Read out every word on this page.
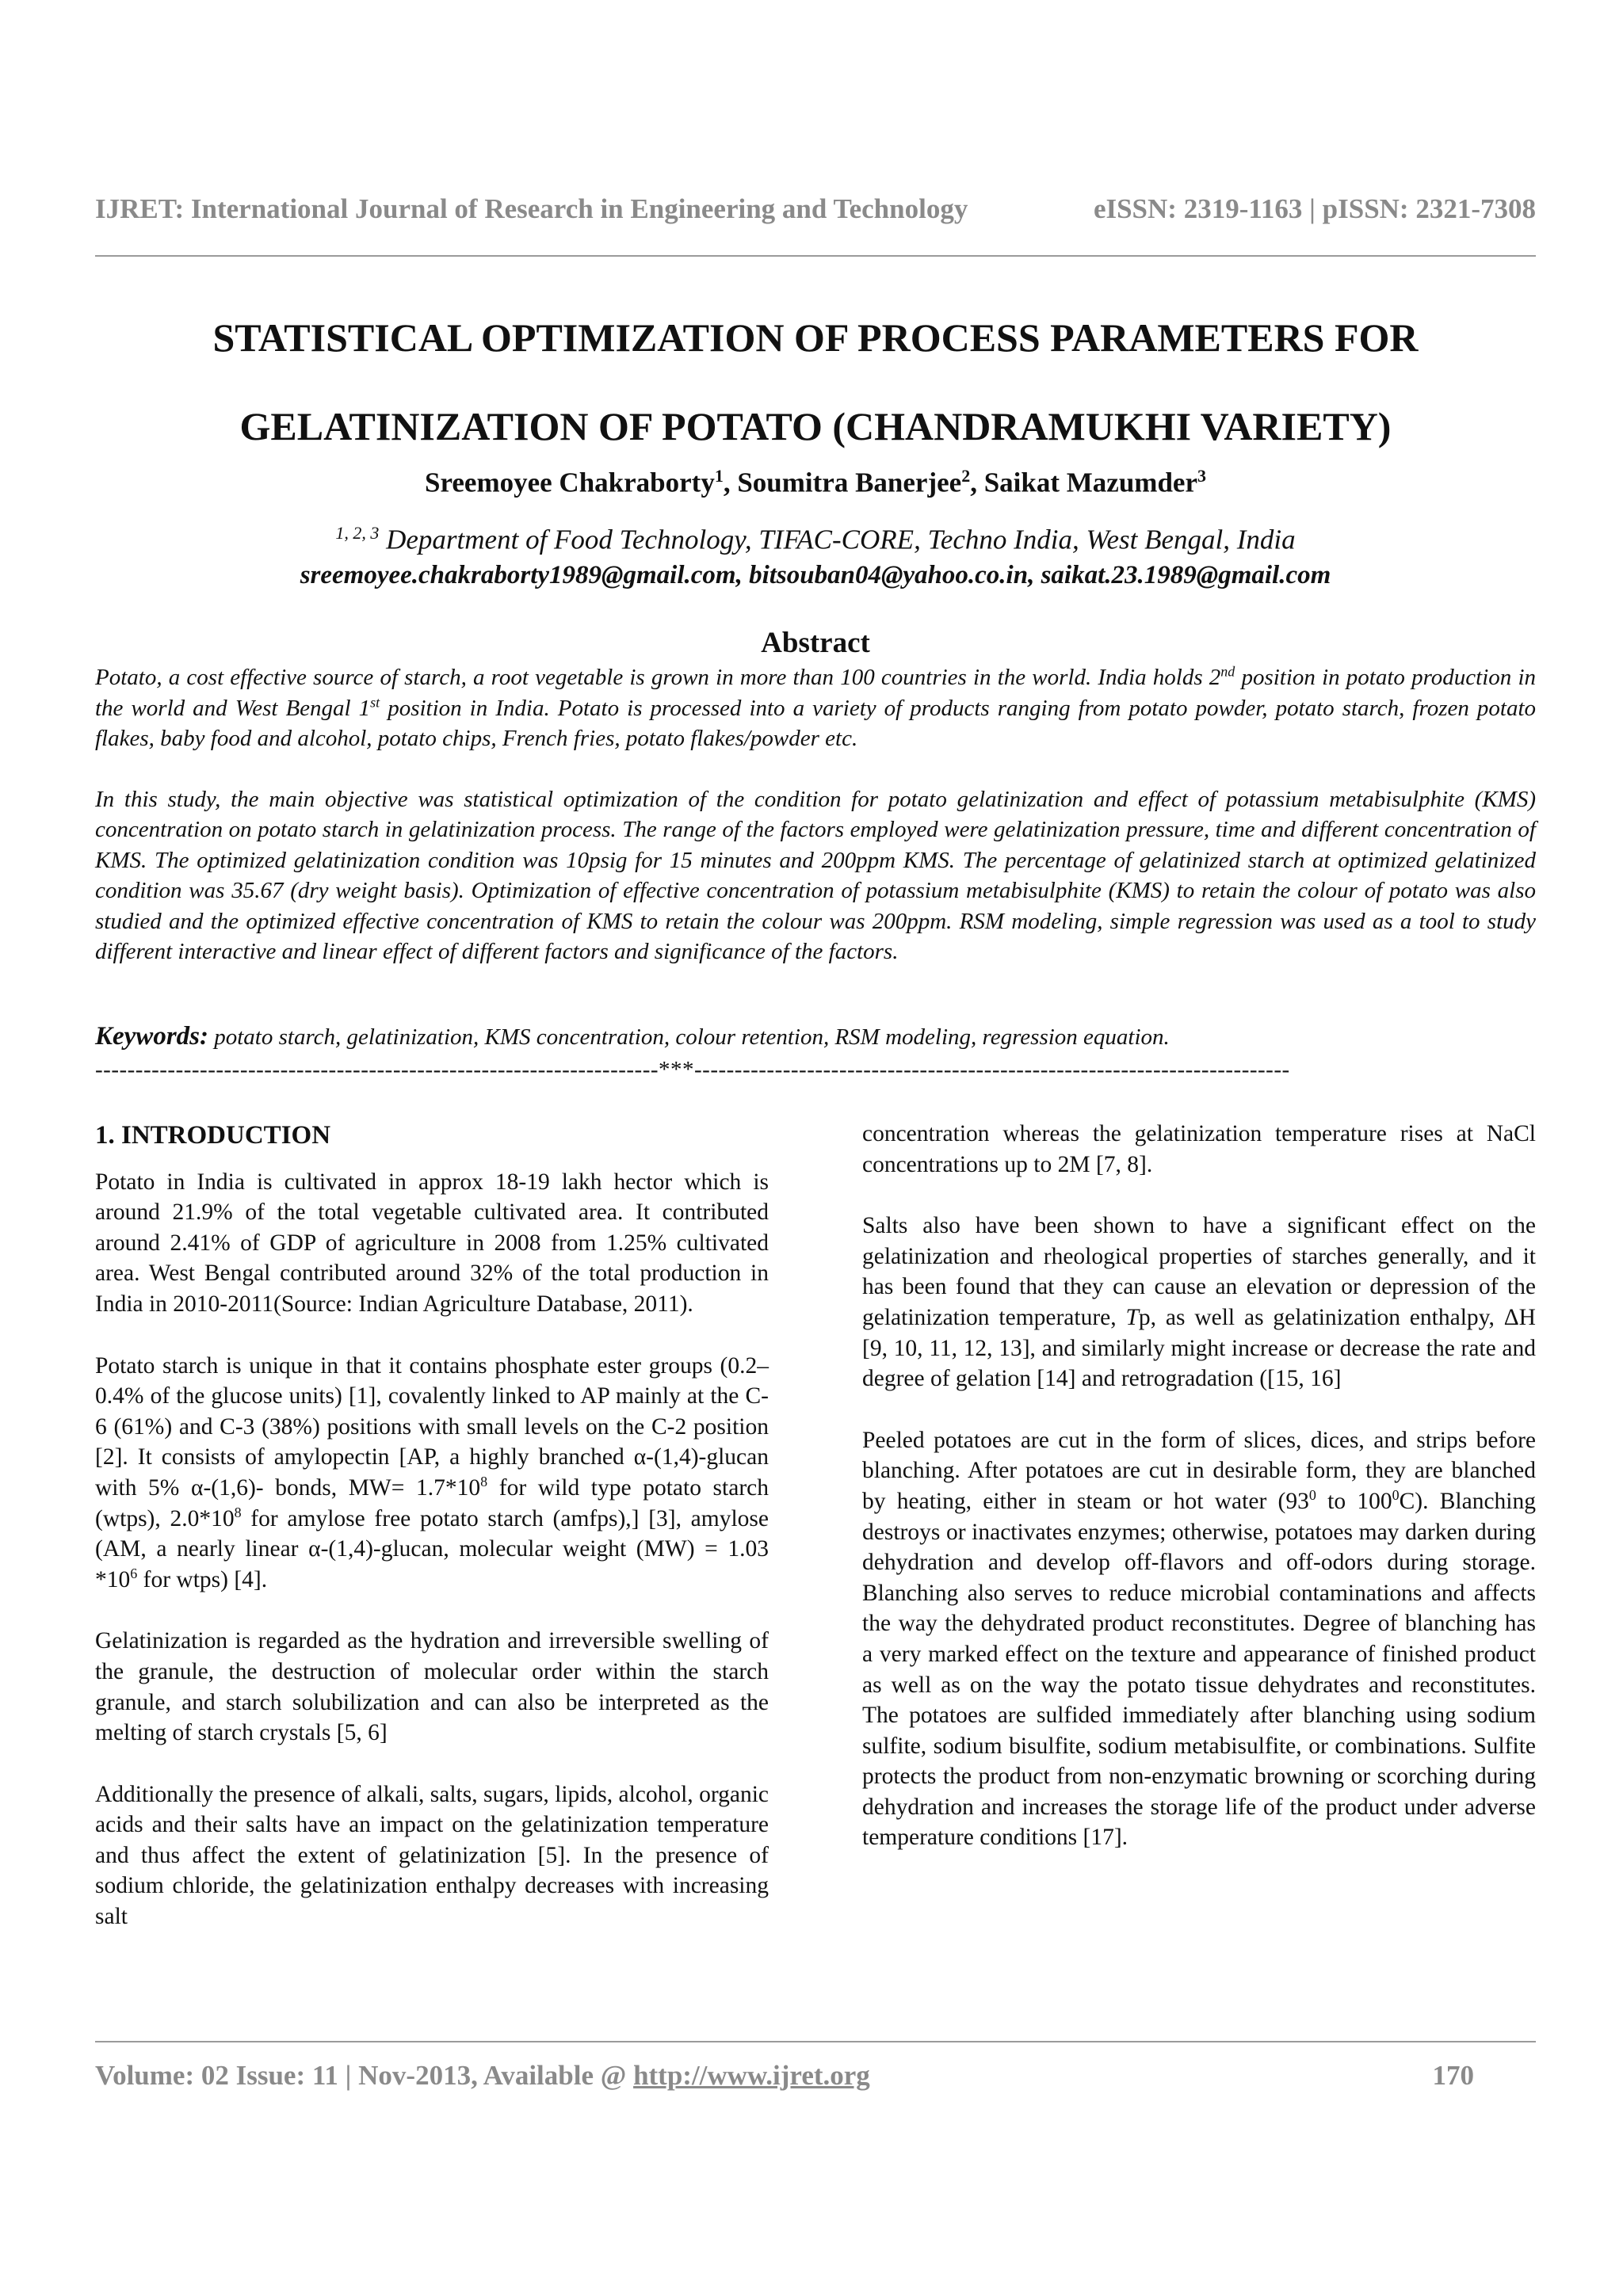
IJRET: International Journal of Research in Engineering and Technology	eISSN: 2319-1163 | pISSN: 2321-7308
STATISTICAL OPTIMIZATION OF PROCESS PARAMETERS FOR
GELATINIZATION OF POTATO (CHANDRAMUKHI VARIETY)
Sreemoyee Chakraborty$^1$, Soumitra Banerjee$^2$, Saikat Mazumder$^3$
$^{1, 2, 3}$ Department of Food Technology, TIFAC-CORE, Techno India, West Bengal, India
sreemoyee.chakraborty1989@gmail.com, bitsouban04@yahoo.co.in, saikat.23.1989@gmail.com
Abstract

Potato, a cost effective source of starch, a root vegetable is grown in more than 100 countries in the world. India holds 2nd position in potato production in the world and West Bengal 1st position in India. Potato is processed into a variety of products ranging from potato powder, potato starch, frozen potato flakes, baby food and alcohol, potato chips, French fries, potato flakes/powder etc.

In this study, the main objective was statistical optimization of the condition for potato gelatinization and effect of potassium metabisulphite (KMS) concentration on potato starch in gelatinization process. The range of the factors employed were gelatinization pressure, time and different concentration of KMS. The optimized gelatinization condition was 10psig for 15 minutes and 200ppm KMS. The percentage of gelatinized starch at optimized gelatinized condition was 35.67 (dry weight basis). Optimization of effective concentration of potassium metabisulphite (KMS) to retain the colour of potato was also studied and the optimized effective concentration of KMS to retain the colour was 200ppm. RSM modeling, simple regression was used as a tool to study different interactive and linear effect of different factors and significance of the factors.

Keywords: potato starch, gelatinization, KMS concentration, colour retention, RSM modeling, regression equation.
----------------------------------------------------------------------***--------------------------------------------------------------------------
1. INTRODUCTION

Potato in India is cultivated in approx 18-19 lakh hector which is around 21.9% of the total vegetable cultivated area. It contributed around 2.41% of GDP of agriculture in 2008 from 1.25% cultivated area. West Bengal contributed around 32% of the total production in India in 2010-2011(Source: Indian Agriculture Database, 2011).

Potato starch is unique in that it contains phosphate ester groups (0.2–0.4% of the glucose units) [1], covalently linked to AP mainly at the C-6 (61%) and C-3 (38%) positions with small levels on the C-2 position [2]. It consists of amylopectin [AP, a highly branched α-(1,4)-glucan with 5% α-(1,6)- bonds, $MW= 1.7*10^8$ for wild type potato starch (wtps), $2.0*10^8$ for amylose free potato starch (amfps),] [3], amylose (AM, a nearly linear α-(1,4)-glucan, molecular weight (MW) = 1.03 $*10^6$ for wtps) [4].

Gelatinization is regarded as the hydration and irreversible swelling of the granule, the destruction of molecular order within the starch granule, and starch solubilization and can also be interpreted as the melting of starch crystals [5, 6]

Additionally the presence of alkali, salts, sugars, lipids, alcohol, organic acids and their salts have an impact on the gelatinization temperature and thus affect the extent of gelatinization [5]. In the presence of sodium chloride, the gelatinization enthalpy decreases with increasing salt

concentration whereas the gelatinization temperature rises at NaCl concentrations up to 2M [7, 8].

Salts also have been shown to have a significant effect on the gelatinization and rheological properties of starches generally, and it has been found that they can cause an elevation or depression of the gelatinization temperature, Tp, as well as gelatinization enthalpy, ΔH [9, 10, 11, 12, 13], and similarly might increase or decrease the rate and degree of gelation [14] and retrogradation ([15, 16]

Peeled potatoes are cut in the form of slices, dices, and strips before blanching. After potatoes are cut in desirable form, they are blanched by heating, either in steam or hot water ($93^0$ to $100^0C$). Blanching destroys or inactivates enzymes; otherwise, potatoes may darken during dehydration and develop off-flavors and off-odors during storage. Blanching also serves to reduce microbial contaminations and affects the way the dehydrated product reconstitutes. Degree of blanching has a very marked effect on the texture and appearance of finished product as well as on the way the potato tissue dehydrates and reconstitutes. The potatoes are sulfided immediately after blanching using sodium sulfite, sodium bisulfite, sodium metabisulfite, or combinations. Sulfite protects the product from non-enzymatic browning or scorching during dehydration and increases the storage life of the product under adverse temperature conditions [17].

Volume: 02 Issue: 11 | Nov-2013, Available @ http://www.ijret.org	170
